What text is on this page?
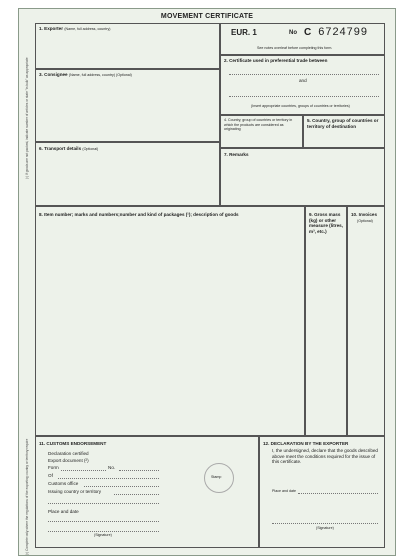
MOVEMENT CERTIFICATE
(¹) If goods are not packed, indicate number of articles or state "in bulk" as appropriate
(²) Complete only where the regulations of the exporting country or territory require
1. Exporter (Name, full address, country)	EUR. 1	No C 6724799
See notes overleaf before completing this form.
2. Certificate used in preferential trade between
and
(Insert appropriate countries, groups of countries or territories)
3. Consignee (Name, full address, country) (Optional)
4. Country, group of countries or territory in which the products are considered as originating
5. Country, group of countries or territory of destination
6. Transport details (Optional)
7. Remarks
8. Item number; marks and numbers;number and kind of packages (¹); description of goods	9. Gross mass (kg) or other measure (litres, m³, etc.)
10. Invoices
(Optional)
11. CUSTOMS ENDORSEMENT
Declaration certified
Export document (²)
Form	No.
Of
Customs office
Issuing country or territory
Place and date
(Signature)
Stamp
12. DECLARATION BY THE EXPORTER
I, the undersigned, declare that the goods described above meet the conditions required for the issue of this certificate.
Place and date
(Signature)
